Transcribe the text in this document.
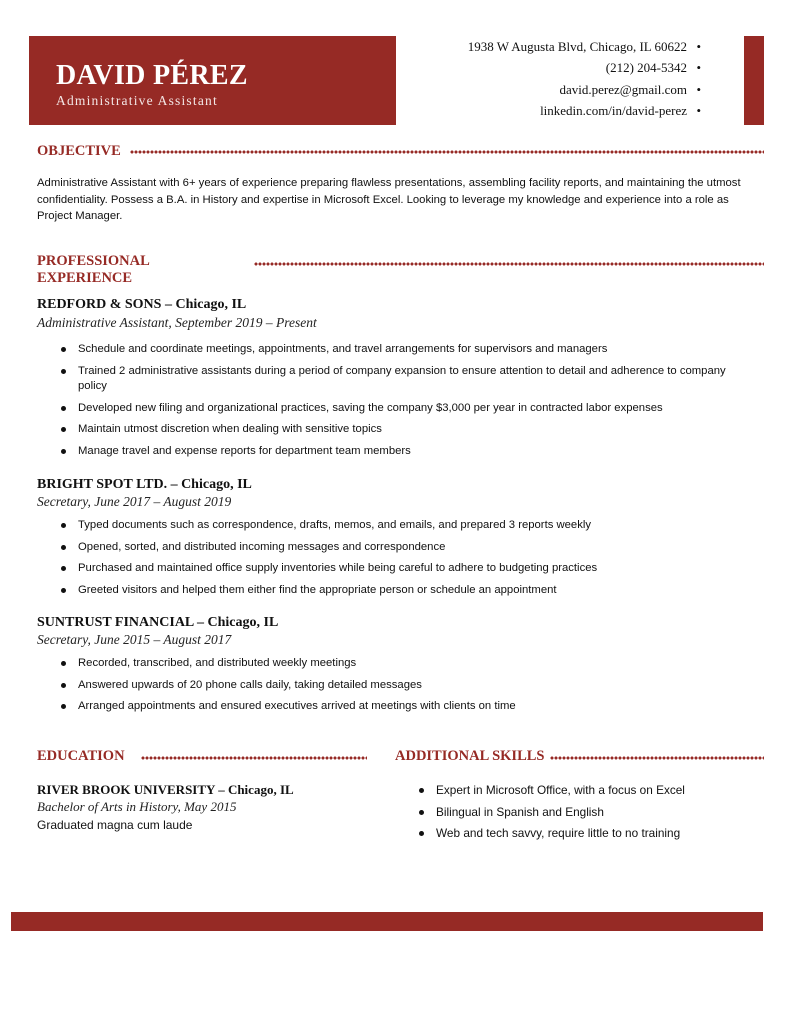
DAVID PÉREZ
Administrative Assistant
1938 W Augusta Blvd, Chicago, IL 60622 •
(212) 204-5342 •
david.perez@gmail.com •
linkedin.com/in/david-perez •
OBJECTIVE
Administrative Assistant with 6+ years of experience preparing flawless presentations, assembling facility reports, and maintaining the utmost confidentiality. Possess a B.A. in History and expertise in Microsoft Excel. Looking to leverage my knowledge and experience into a role as Project Manager.
PROFESSIONAL
EXPERIENCE
REDFORD & SONS – Chicago, IL
Administrative Assistant, September 2019 – Present
Schedule and coordinate meetings, appointments, and travel arrangements for supervisors and managers
Trained 2 administrative assistants during a period of company expansion to ensure attention to detail and adherence to company policy
Developed new filing and organizational practices, saving the company $3,000 per year in contracted labor expenses
Maintain utmost discretion when dealing with sensitive topics
Manage travel and expense reports for department team members
BRIGHT SPOT LTD. – Chicago, IL
Secretary, June 2017 – August 2019
Typed documents such as correspondence, drafts, memos, and emails, and prepared 3 reports weekly
Opened, sorted, and distributed incoming messages and correspondence
Purchased and maintained office supply inventories while being careful to adhere to budgeting practices
Greeted visitors and helped them either find the appropriate person or schedule an appointment
SUNTRUST FINANCIAL – Chicago, IL
Secretary, June 2015 – August 2017
Recorded, transcribed, and distributed weekly meetings
Answered upwards of 20 phone calls daily, taking detailed messages
Arranged appointments and ensured executives arrived at meetings with clients on time
EDUCATION
RIVER BROOK UNIVERSITY – Chicago, IL
Bachelor of Arts in History, May 2015
Graduated magna cum laude
ADDITIONAL SKILLS
Expert in Microsoft Office, with a focus on Excel
Bilingual in Spanish and English
Web and tech savvy, require little to no training
